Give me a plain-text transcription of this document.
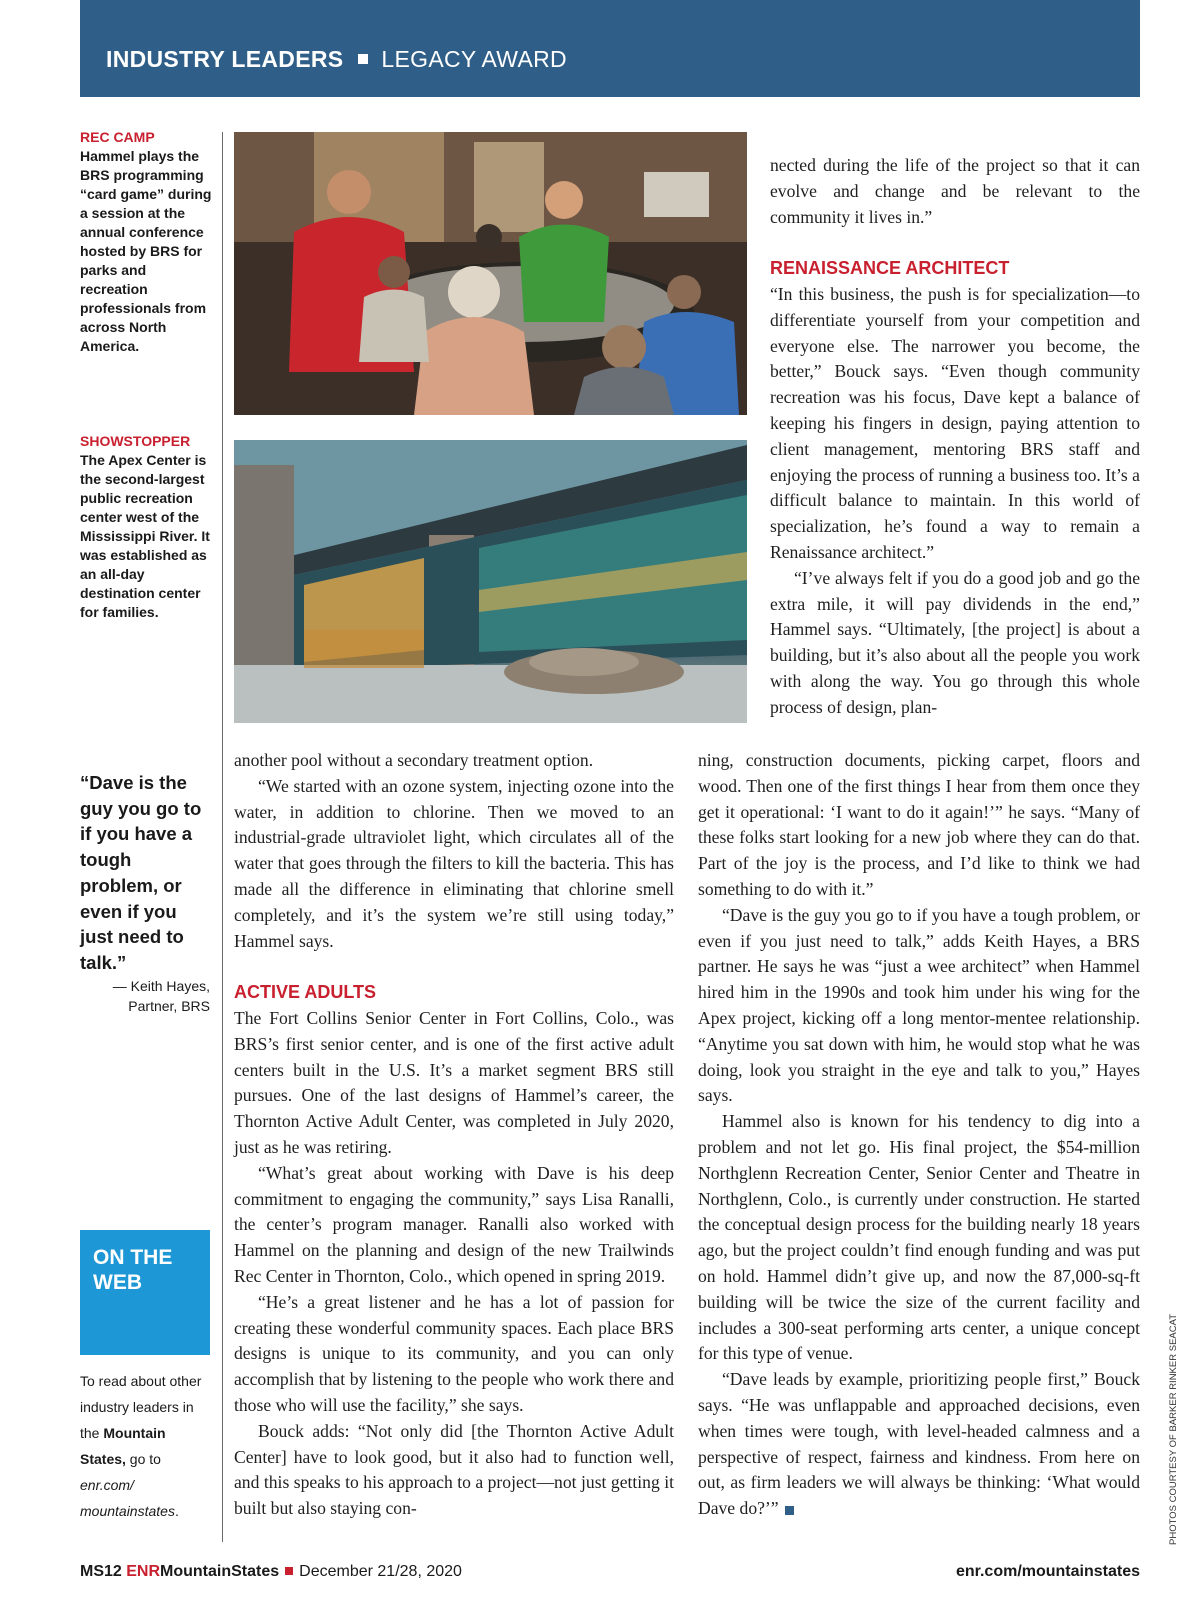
INDUSTRY LEADERS LEGACY AWARD
REC CAMP
Hammel plays the BRS programming “card game” during a session at the annual conference hosted by BRS for parks and recreation professionals from across North America.
SHOWSTOPPER
The Apex Center is the second-largest public recreation center west of the Mississippi River. It was established as an all-day destination center for families.
“Dave is the guy you go to if you have a tough problem, or even if you just need to talk.”
— Keith Hayes,
Partner, BRS
ON THE WEB
To read about other industry leaders in the Mountain States, go to enr.com/ mountainstates.

another pool without a secondary treatment option.

“We started with an ozone system, injecting ozone into the water, in addition to chlorine. Then we moved to an industrial-grade ultraviolet light, which circulates all of the water that goes through the filters to kill the bacteria. This has made all the difference in eliminating that chlorine smell completely, and it’s the system we’re still using today,” Hammel says.

ACTIVE ADULTS

The Fort Collins Senior Center in Fort Collins, Colo., was BRS’s first senior center, and is one of the first active adult centers built in the U.S. It’s a market segment BRS still pursues. One of the last designs of Hammel’s career, the Thornton Active Adult Center, was completed in July 2020, just as he was retiring.

“What’s great about working with Dave is his deep commitment to engaging the community,” says Lisa Ranalli, the center’s program manager. Ranalli also worked with Hammel on the planning and design of the new Trailwinds Rec Center in Thornton, Colo., which opened in spring 2019.

“He’s a great listener and he has a lot of passion for creating these wonderful community spaces. Each place BRS designs is unique to its community, and you can only accomplish that by listening to the people who work there and those who will use the facility,” she says.

Bouck adds: “Not only did [the Thornton Active Adult Center] have to look good, but it also had to function well, and this speaks to his approach to a project—not just getting it built but also staying con-

nected during the life of the project so that it can evolve and change and be relevant to the community it lives in.”

RENAISSANCE ARCHITECT

“In this business, the push is for specialization—to differentiate yourself from your competition and everyone else. The narrower you become, the better,” Bouck says. “Even though community recreation was his focus, Dave kept a balance of keeping his fingers in design, paying attention to client management, mentoring BRS staff and enjoying the process of running a business too. It’s a difficult balance to maintain. In this world of specialization, he’s found a way to remain a Renaissance architect.”

“I’ve always felt if you do a good job and go the extra mile, it will pay dividends in the end,” Hammel says. “Ultimately, [the project] is about a building, but it’s also about all the people you work with along the way. You go through this whole process of design, plan-

ning, construction documents, picking carpet, floors and wood. Then one of the first things I hear from them once they get it operational: ‘I want to do it again!’” he says. “Many of these folks start looking for a new job where they can do that. Part of the joy is the process, and I’d like to think we had something to do with it.”

“Dave is the guy you go to if you have a tough problem, or even if you just need to talk,” adds Keith Hayes, a BRS partner. He says he was “just a wee architect” when Hammel hired him in the 1990s and took him under his wing for the Apex project, kicking off a long mentor-mentee relationship. “Anytime you sat down with him, he would stop what he was doing, look you straight in the eye and talk to you,” Hayes says.

Hammel also is known for his tendency to dig into a problem and not let go. His final project, the $54-million Northglenn Recreation Center, Senior Center and Theatre in Northglenn, Colo., is currently under construction. He started the conceptual design process for the building nearly 18 years ago, but the project couldn’t find enough funding and was put on hold. Hammel didn’t give up, and now the 87,000-sq-ft building will be twice the size of the current facility and includes a 300-seat performing arts center, a unique concept for this type of venue.

“Dave leads by example, prioritizing people first,” Bouck says. “He was unflappable and approached decisions, even when times were tough, with level-headed calmness and a perspective of respect, fairness and kindness. From here on out, as firm leaders we will always be thinking: ‘What would Dave do?’”

MS12 ENRMountainStates December 21/28, 2020	enr.com/mountainstates
PHOTOS COURTESY OF BARKER RINKER SEACAT
